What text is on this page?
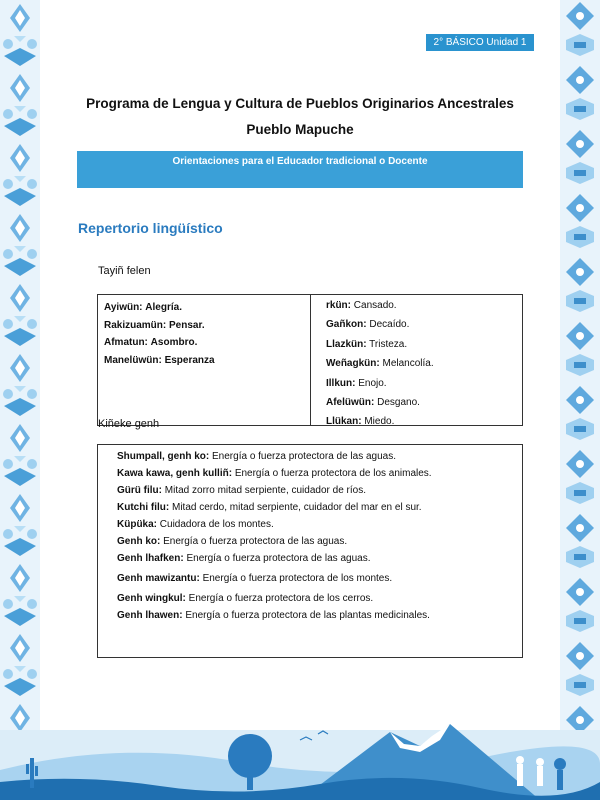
2° BÁSICO Unidad 1
Programa de Lengua y Cultura de Pueblos Originarios Ancestrales
Pueblo Mapuche
Orientaciones para el Educador tradicional o Docente
Repertorio lingüístico
Tayiñ felen
Ayiwün: Alegría.
Rakizuamün: Pensar.
Afmatun: Asombro.
Manelüwün: Esperanza
rkün: Cansado.
Gañkon: Decaído.
Llazkün: Tristeza.
Weñagkün: Melancolía.
Illkun: Enojo.
Afelüwün: Desgano.
Llükan: Miedo.
Kiñeke genh
Shumpall, genh ko: Energía o fuerza protectora de las aguas.
Kawa kawa, genh kulliñ: Energía o fuerza protectora de los animales.
Gürü filu: Mitad zorro mitad serpiente, cuidador de ríos.
Kutchi filu: Mitad cerdo, mitad serpiente, cuidador del mar en el sur.
Küpüka: Cuidadora de los montes.
Genh ko: Energía o fuerza protectora de las aguas.
Genh lhafken: Energía o fuerza protectora de las aguas.
Genh mawizantu: Energía o fuerza protectora de los montes.
Genh wingkul: Energía o fuerza protectora de los cerros.
Genh lhawen: Energía o fuerza protectora de las plantas medicinales.
